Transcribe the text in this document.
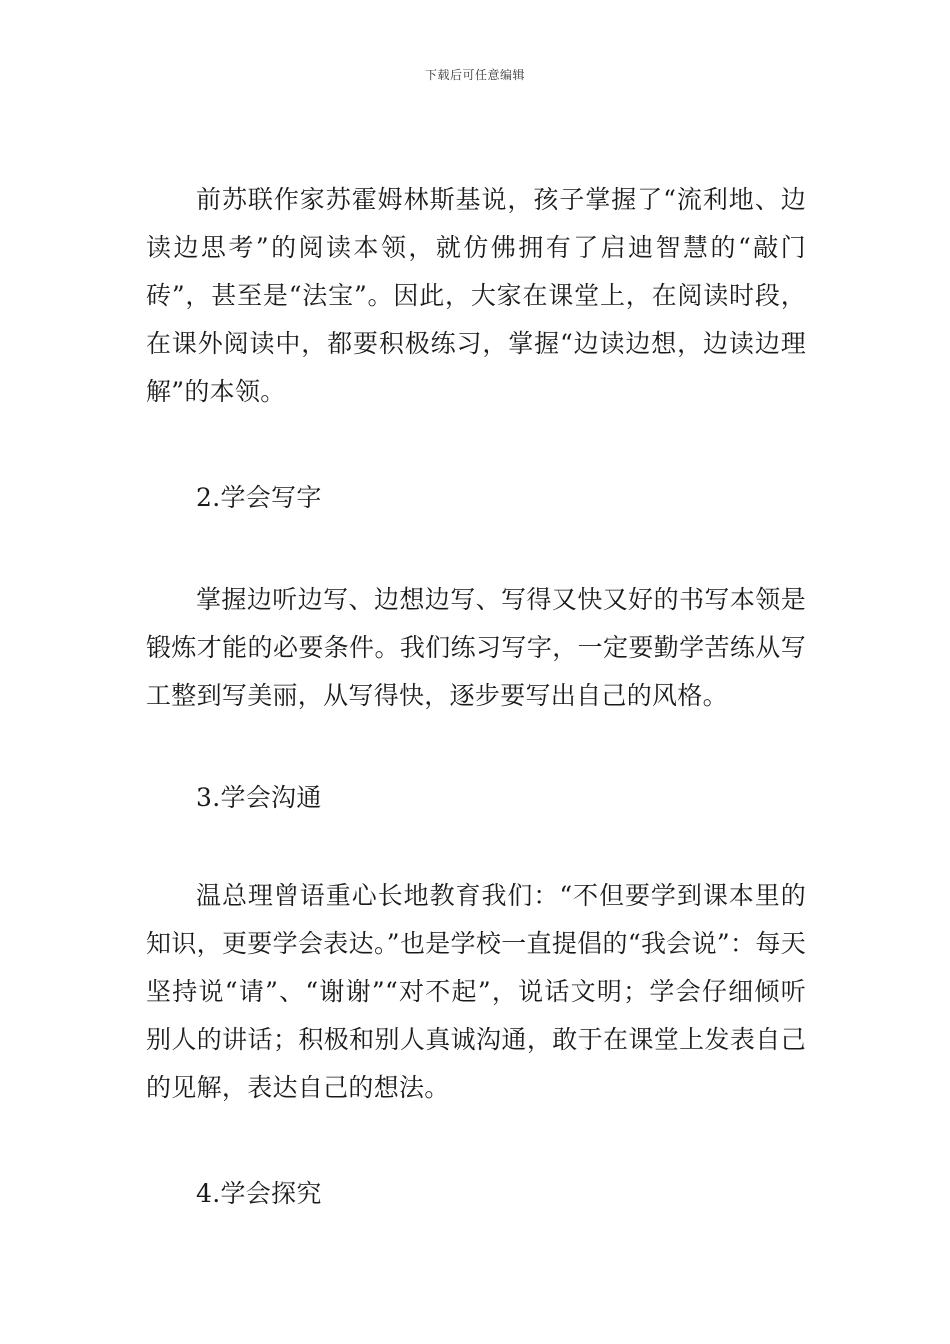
下载后可任意编辑

前苏联作家苏霍姆林斯基说，孩子掌握了“流利地、边读边思考”的阅读本领，就仿佛拥有了启迪智慧的“敲门砖”，甚至是“法宝”。因此，大家在课堂上，在阅读时段，在课外阅读中，都要积极练习，掌握“边读边想，边读边理解”的本领。

2.学会写字

掌握边听边写、边想边写、写得又快又好的书写本领是锻炼才能的必要条件。我们练习写字，一定要勤学苦练从写工整到写美丽，从写得快，逐步要写出自己的风格。

3.学会沟通

温总理曾语重心长地教育我们：“不但要学到课本里的知识，更要学会表达。”也是学校一直提倡的“我会说”：每天坚持说“请”、“谢谢”“对不起”，说话文明；学会仔细倾听别人的讲话；积极和别人真诚沟通，敢于在课堂上发表自己的见解，表达自己的想法。

4.学会探究
